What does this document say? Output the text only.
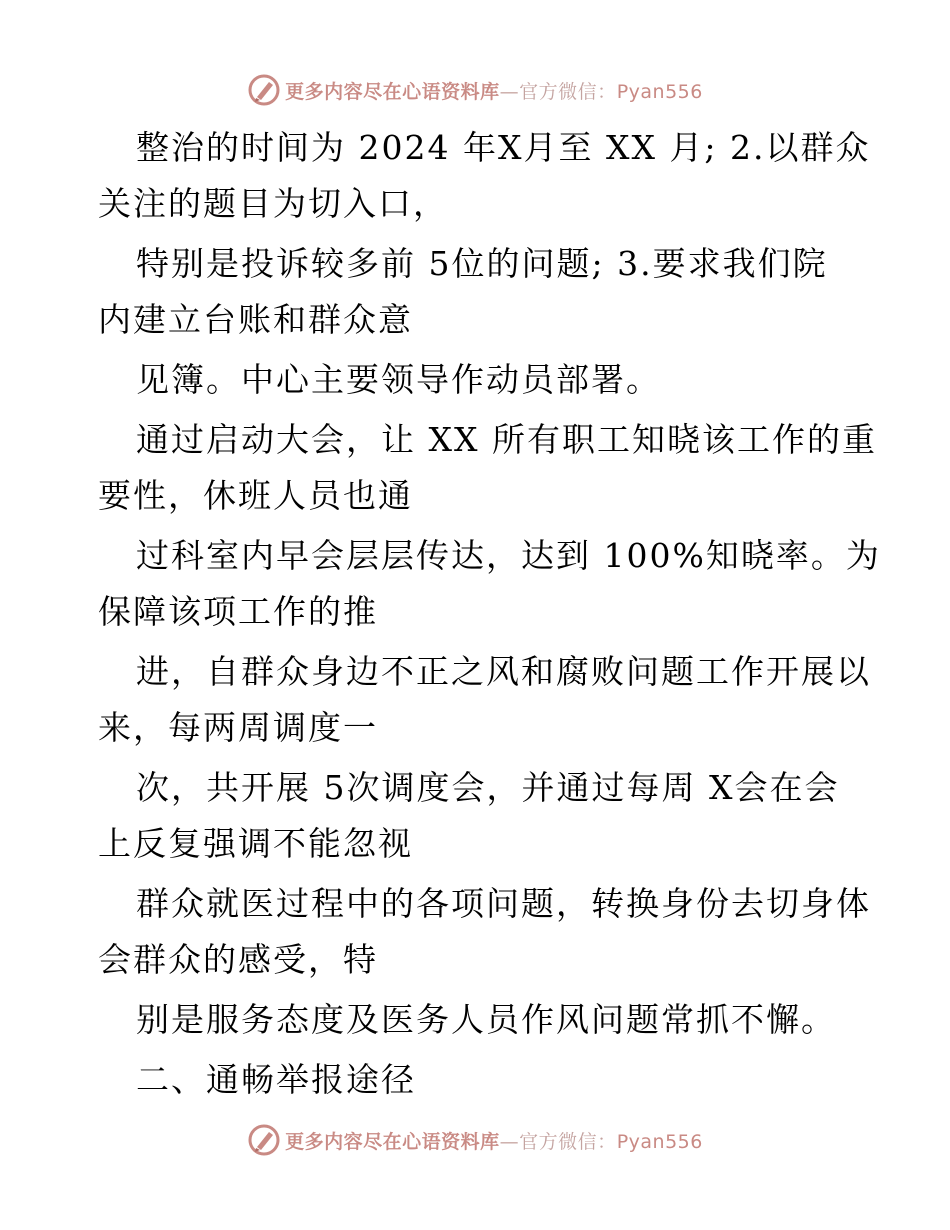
更多内容尽在心语资料库—官方微信：Pyan556
整治的时间为 2024 年X月至 XX 月; 2.以群众
关注的题目为切入口，
特别是投诉较多前 5位的问题; 3.要求我们院
内建立台账和群众意
见簿。中心主要领导作动员部署。
通过启动大会，让 XX 所有职工知晓该工作的重
要性，休班人员也通
过科室内早会层层传达，达到 100%知晓率。为
保障该项工作的推
进，自群众身边不正之风和腐败问题工作开展以
来，每两周调度一
次，共开展 5次调度会，并通过每周 X会在会
上反复强调不能忽视
群众就医过程中的各项问题，转换身份去切身体
会群众的感受，特
别是服务态度及医务人员作风问题常抓不懈。
二、通畅举报途径
更多内容尽在心语资料库—官方微信：Pyan556
